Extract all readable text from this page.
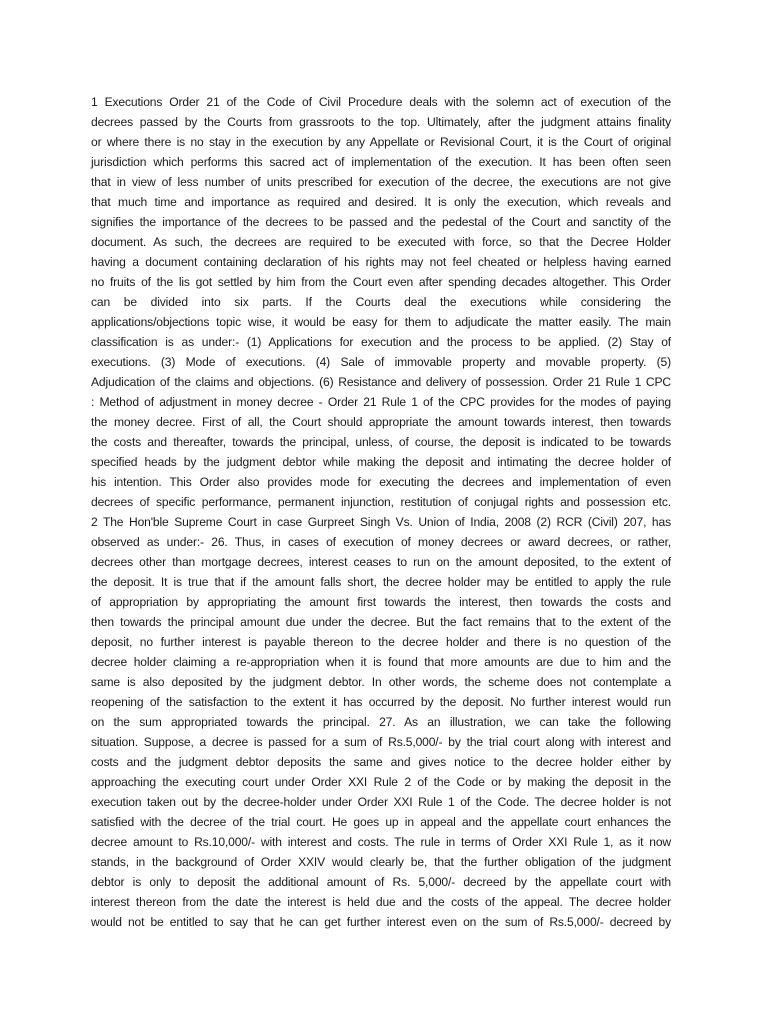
1 Executions Order 21 of the Code of Civil Procedure deals with the solemn act of execution of the
decrees passed by the Courts from grassroots to the top. Ultimately, after the judgment attains finality
or where there is no stay in the execution by any Appellate or Revisional Court, it is the Court of original
jurisdiction which performs this sacred act of implementation of the execution. It has been often seen
that in view of less number of units prescribed for execution of the decree, the executions are not give
that much time and importance as required and desired. It is only the execution, which reveals and
signifies the importance of the decrees to be passed and the pedestal of the Court and sanctity of the
document. As such, the decrees are required to be executed with force, so that the Decree Holder
having a document containing declaration of his rights may not feel cheated or helpless having earned
no fruits of the lis got settled by him from the Court even after spending decades altogether. This Order
can be divided into six parts. If the Courts deal the executions while considering the
applications/objections topic wise, it would be easy for them to adjudicate the matter easily. The main
classification is as under:- (1) Applications for execution and the process to be applied. (2) Stay of
executions. (3) Mode of executions. (4) Sale of immovable property and movable property. (5)
Adjudication of the claims and objections. (6) Resistance and delivery of possession. Order 21 Rule 1 CPC
: Method of adjustment in money decree - Order 21 Rule 1 of the CPC provides for the modes of paying
the money decree. First of all, the Court should appropriate the amount towards interest, then towards
the costs and thereafter, towards the principal, unless, of course, the deposit is indicated to be towards
specified heads by the judgment debtor while making the deposit and intimating the decree holder of
his intention. This Order also provides mode for executing the decrees and implementation of even
decrees of specific performance, permanent injunction, restitution of conjugal rights and possession etc.
2 The Hon'ble Supreme Court in case Gurpreet Singh Vs. Union of India, 2008 (2) RCR (Civil) 207, has
observed as under:- 26. Thus, in cases of execution of money decrees or award decrees, or rather,
decrees other than mortgage decrees, interest ceases to run on the amount deposited, to the extent of
the deposit. It is true that if the amount falls short, the decree holder may be entitled to apply the rule
of appropriation by appropriating the amount first towards the interest, then towards the costs and
then towards the principal amount due under the decree. But the fact remains that to the extent of the
deposit, no further interest is payable thereon to the decree holder and there is no question of the
decree holder claiming a re-appropriation when it is found that more amounts are due to him and the
same is also deposited by the judgment debtor. In other words, the scheme does not contemplate a
reopening of the satisfaction to the extent it has occurred by the deposit. No further interest would run
on the sum appropriated towards the principal. 27. As an illustration, we can take the following
situation. Suppose, a decree is passed for a sum of Rs.5,000/- by the trial court along with interest and
costs and the judgment debtor deposits the same and gives notice to the decree holder either by
approaching the executing court under Order XXI Rule 2 of the Code or by making the deposit in the
execution taken out by the decree-holder under Order XXI Rule 1 of the Code. The decree holder is not
satisfied with the decree of the trial court. He goes up in appeal and the appellate court enhances the
decree amount to Rs.10,000/- with interest and costs. The rule in terms of Order XXI Rule 1, as it now
stands, in the background of Order XXIV would clearly be, that the further obligation of the judgment
debtor is only to deposit the additional amount of Rs. 5,000/- decreed by the appellate court with
interest thereon from the date the interest is held due and the costs of the appeal. The decree holder
would not be entitled to say that he can get further interest even on the sum of Rs.5,000/- decreed by
